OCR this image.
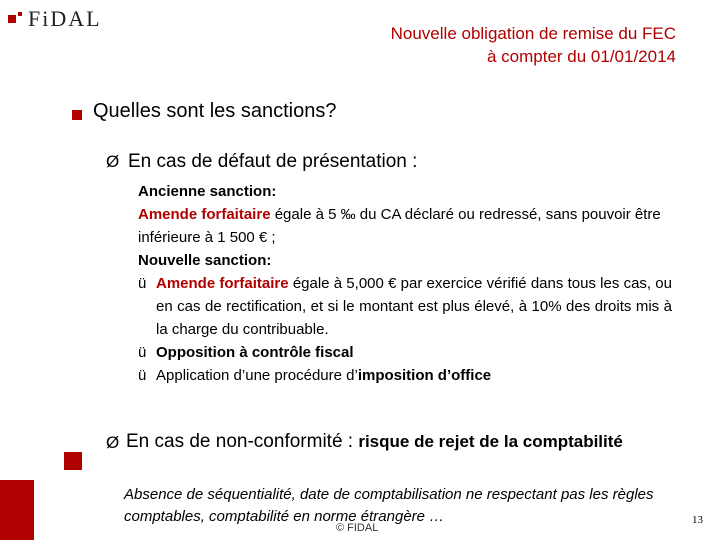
FiDAL
Nouvelle obligation de remise du FEC
à compter du 01/01/2014
Quelles sont les sanctions?
Ø En cas de défaut de présentation :
Ancienne sanction:
Amende forfaitaire égale à 5 ‰ du CA déclaré ou redressé, sans pouvoir être inférieure à 1 500 € ;
Nouvelle sanction:
ü Amende forfaitaire égale à 5,000 € par exercice vérifié dans tous les cas, ou en cas de rectification, et si le montant est plus élevé, à 10% des droits mis à la charge du contribuable.
ü Opposition à contrôle fiscal
ü Application d’une procédure d’imposition d’office
Ø En cas de non-conformité : risque de rejet de la comptabilité
Absence de séquentialité, date de comptabilisation ne respectant pas les règles comptables, comptabilité en norme étrangère …
© FIDAL
13
